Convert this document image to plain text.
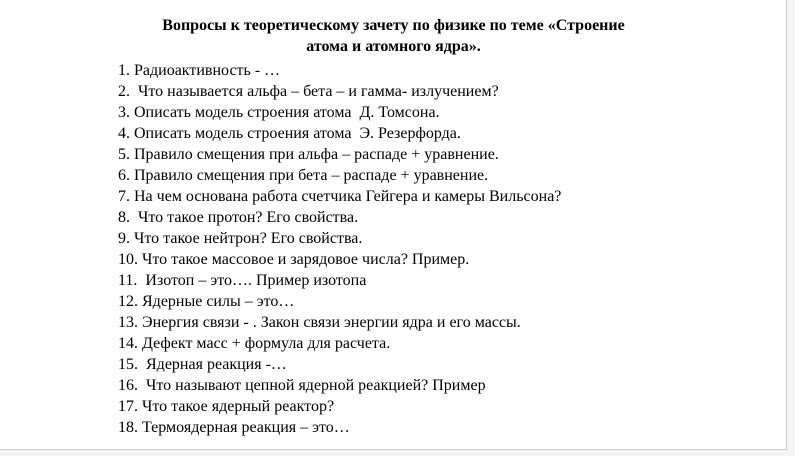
Вопросы к теоретическому зачету по физике по теме «Строение
атома и атомного ядра».
1. Радиоактивность - …
2.  Что называется альфа – бета – и гамма- излучением?
3. Описать модель строения атома  Д. Томсона.
4. Описать модель строения атома  Э. Резерфорда.
5. Правило смещения при альфа – распаде + уравнение.
6. Правило смещения при бета – распаде + уравнение.
7. На чем основана работа счетчика Гейгера и камеры Вильсона?
8.  Что такое протон? Его свойства.
9. Что такое нейтрон? Его свойства.
10. Что такое массовое и зарядовое числа? Пример.
11.  Изотоп – это…. Пример изотопа
12. Ядерные силы – это…
13. Энергия связи - . Закон связи энергии ядра и его массы.
14. Дефект масс + формула для расчета.
15.  Ядерная реакция -…
16.  Что называют цепной ядерной реакцией? Пример
17. Что такое ядерный реактор?
18. Термоядерная реакция – это…
